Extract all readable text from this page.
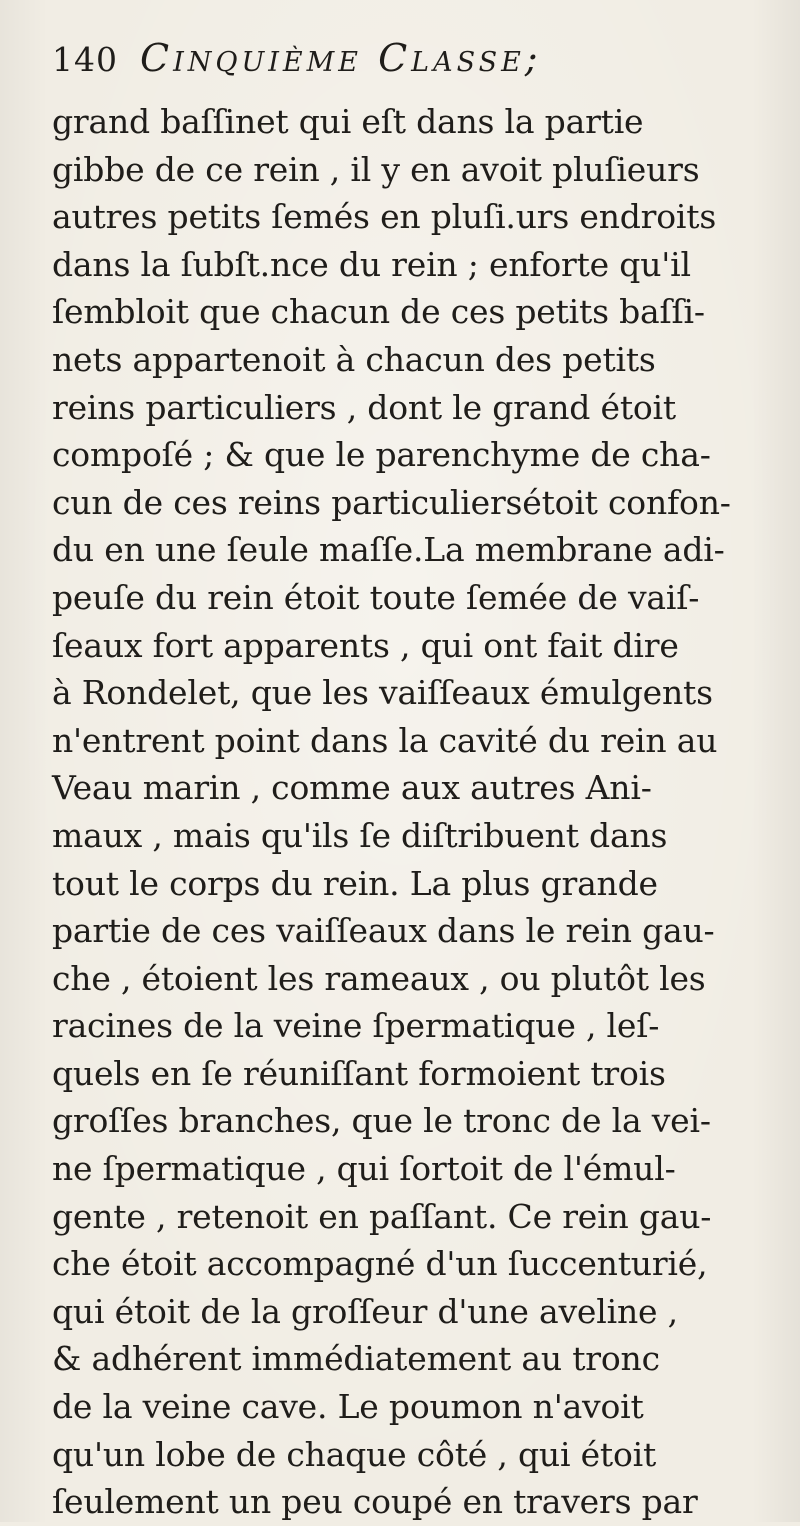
140 Cinquième Classe;
grand baſſinet qui eſt dans la partie
gibbe de ce rein , il y en avoit pluſieurs
autres petits ſemés en pluſi.urs endroits
dans la ſubſt.nce du rein ; enforte qu'il
ſembloit que chacun de ces petits baſſi-
nets appartenoit à chacun des petits
reins particuliers , dont le grand étoit
compoſé ; & que le parenchyme de cha-
cun de ces reins particuliersétoit confon-
du en une ſeule maſſe.La membrane adi-
peuſe du rein étoit toute ſemée de vaiſ-
ſeaux fort apparents , qui ont fait dire
à Rondelet, que les vaiſſeaux émulgents
n'entrent point dans la cavité du rein au
Veau marin , comme aux autres Ani-
maux , mais qu'ils ſe diſtribuent dans
tout le corps du rein. La plus grande
partie de ces vaiſſeaux dans le rein gau-
che , étoient les rameaux , ou plutôt les
racines de la veine ſpermatique , leſ-
quels en ſe réuniſſant formoient trois
groſſes branches, que le tronc de la vei-
ne ſpermatique , qui ſortoit de l'émul-
gente , retenoit en paſſant. Ce rein gau-
che étoit accompagné d'un ſuccenturié,
qui étoit de la groſſeur d'une aveline ,
& adhérent immédiatement au tronc
de la veine cave. Le poumon n'avoit
qu'un lobe de chaque côté , qui étoit
ſeulement un peu coupé en travers par
